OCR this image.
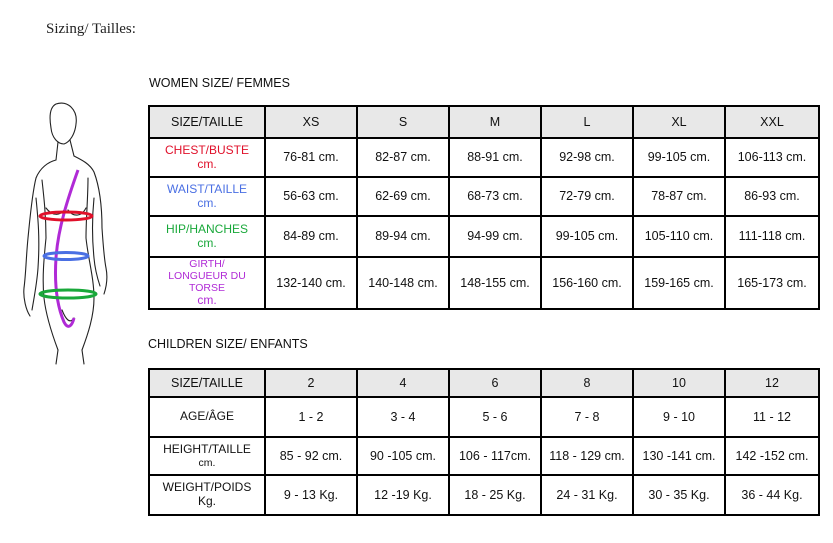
Sizing/ Tailles:
WOMEN SIZE/ FEMMES
SIZE/TAILLE	XS	S	M	L	XL	XXL

CHEST/BUSTE
cm.	76-81 cm.	82-87 cm.	88-91 cm.	92-98 cm.	99-105 cm.	106-113 cm.

WAIST/TAILLE
cm.	56-63 cm.	62-69 cm.	68-73 cm.	72-79 cm.	78-87 cm.	86-93 cm.

HIP/HANCHES
cm.	84-89 cm.	89-94 cm.	94-99 cm.	99-105 cm.	105-110 cm.	111-118 cm.

GIRTH/
LONGUEUR DU TORSE
cm.	132-140 cm.	140-148 cm.	148-155 cm.	156-160 cm.	159-165 cm.	165-173 cm.
CHILDREN SIZE/ ENFANTS
SIZE/TAILLE	2	4	6	8	10	12

AGE/ÂGE	1 - 2	3 - 4	5 - 6	7 - 8	9 - 10	11 - 12

HEIGHT/TAILLE
cm.	85 - 92 cm.	90 -105 cm.	106 - 117cm.	118 - 129 cm.	130 -141 cm.	142 -152 cm.

WEIGHT/POIDS
Kg.	9 - 13 Kg.	12 -19 Kg.	18 - 25 Kg.	24 - 31 Kg.	30 - 35 Kg.	36 - 44 Kg.
